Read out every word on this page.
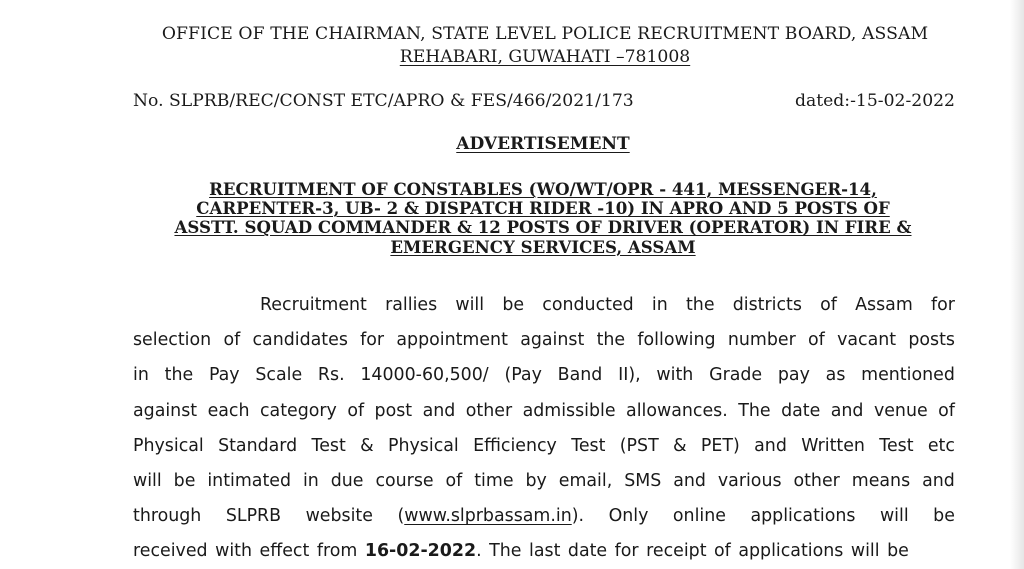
OFFICE OF THE CHAIRMAN, STATE LEVEL POLICE RECRUITMENT BOARD, ASSAM
REHABARI, GUWAHATI –781008
No. SLPRB/REC/CONST ETC/APRO & FES/466/2021/173	dated:-15-02-2022
ADVERTISEMENT
RECRUITMENT OF CONSTABLES (WO/WT/OPR - 441, MESSENGER-14,
CARPENTER-3, UB- 2 & DISPATCH RIDER -10) IN APRO AND 5 POSTS OF
ASSTT. SQUAD COMMANDER & 12 POSTS OF DRIVER (OPERATOR) IN FIRE &
EMERGENCY SERVICES, ASSAM
Recruitment rallies will be conducted in the districts of Assam for
selection of candidates for appointment against the following number of vacant posts
in the Pay Scale Rs. 14000-60,500/ (Pay Band II), with Grade pay as mentioned
against each category of post and other admissible allowances. The date and venue of
Physical Standard Test & Physical Efficiency Test (PST & PET) and Written Test etc
will be intimated in due course of time by email, SMS and various other means and
through SLPRB website (www.slprbassam.in). Only online applications will be
received with effect from
16-02-2022 . The last date for receipt of applications will be
